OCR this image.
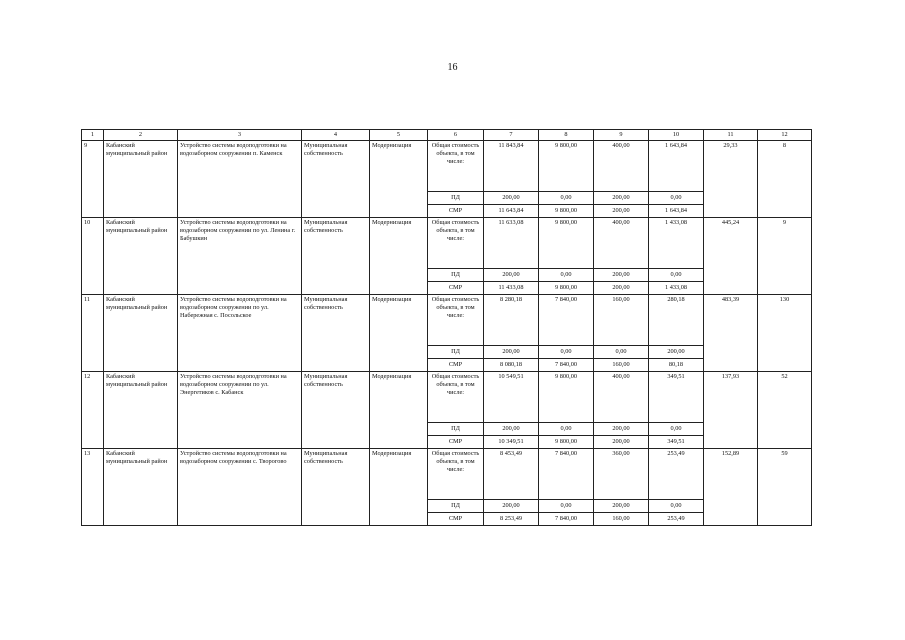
16
1	2	3	4	5	6	7	8	9	10	11	12
9	Кабанский муниципальный район	Устройство системы водоподготовки на водозаборном сооружении п. Каменск	Муниципальная собственность	Модернизация	Общая стоимость объекта, в том числе:	11 843,84	9 800,00	400,00	1 643,84	29,33	8
					ПД	200,00	0,00	200,00	0,00		
					СМР	11 643,84	9 800,00	200,00	1 643,84		
10	Кабанский муниципальный район	Устройство системы водоподготовки на водозаборном сооружении по ул. Ленина г. Бабушкин	Муниципальная собственность	Модернизация	Общая стоимость объекта, в том числе:	11 633,08	9 800,00	400,00	1 433,08	445,24	9
					ПД	200,00	0,00	200,00	0,00		
					СМР	11 433,08	9 800,00	200,00	1 433,08		
11	Кабанский муниципальный район	Устройство системы водоподготовки на водозаборном сооружении по ул. Набережная с. Посольское	Муниципальная собственность	Модернизация	Общая стоимость объекта, в том числе:	8 280,18	7 840,00	160,00	280,18	483,39	130
					ПД	200,00	0,00	0,00	200,00		
					СМР	8 080,18	7 840,00	160,00	80,18		
12	Кабанский муниципальный район	Устройство системы водоподготовки на водозаборном сооружении по ул. Энергетиков с. Кабанск	Муниципальная собственность	Модернизация	Общая стоимость объекта, в том числе:	10 549,51	9 800,00	400,00	349,51	137,93	52
					ПД	200,00	0,00	200,00	0,00		
					СМР	10 349,51	9 800,00	200,00	349,51		
13	Кабанский муниципальный район	Устройство системы водоподготовки на водозаборном сооружении с. Твороговo	Муниципальная собственность	Модернизация	Общая стоимость объекта, в том числе:	8 453,49	7 840,00	360,00	253,49	152,89	59
					ПД	200,00	0,00	200,00	0,00		
					СМР	8 253,49	7 840,00	160,00	253,49		
